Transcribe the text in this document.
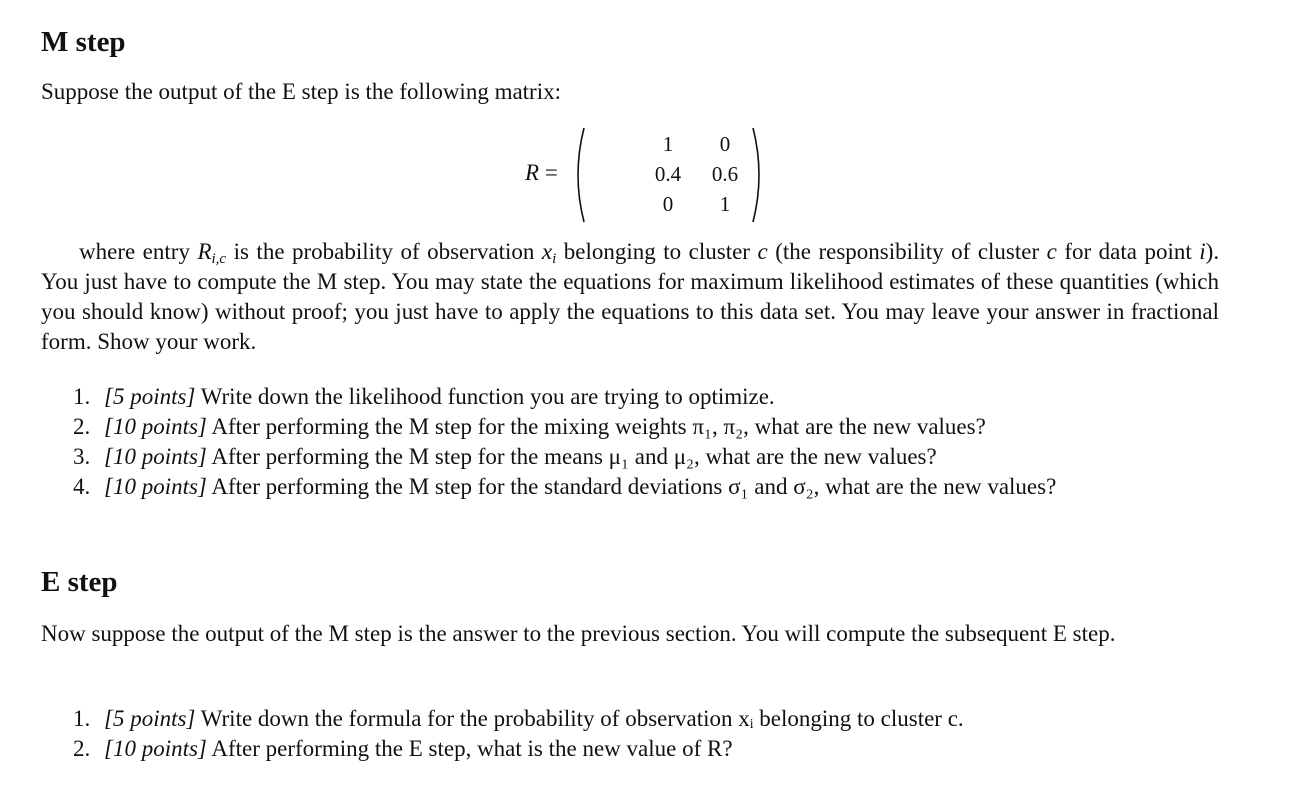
M step
Suppose the output of the E step is the following matrix:
R =
1	0
0.4	0.6
0	1
where entry $R_{i,c}$ is the probability of observation $x_i$ belonging to cluster c (the responsibility of cluster c for data point i). You just have to compute the M step. You may state the equations for maximum likelihood estimates of these quantities (which you should know) without proof; you just have to apply the equations to this data set. You may leave your answer in fractional form. Show your work.
1. [5 points] Write down the likelihood function you are trying to optimize.
2. [10 points] After performing the M step for the mixing weights π₁, π₂, what are the new values?
3. [10 points] After performing the M step for the means μ₁ and μ₂, what are the new values?
4. [10 points] After performing the M step for the standard deviations σ₁ and σ₂, what are the new values?
E step
Now suppose the output of the M step is the answer to the previous section. You will compute the subsequent E step.
1. [5 points] Write down the formula for the probability of observation xᵢ belonging to cluster c.
2. [10 points] After performing the E step, what is the new value of R?
